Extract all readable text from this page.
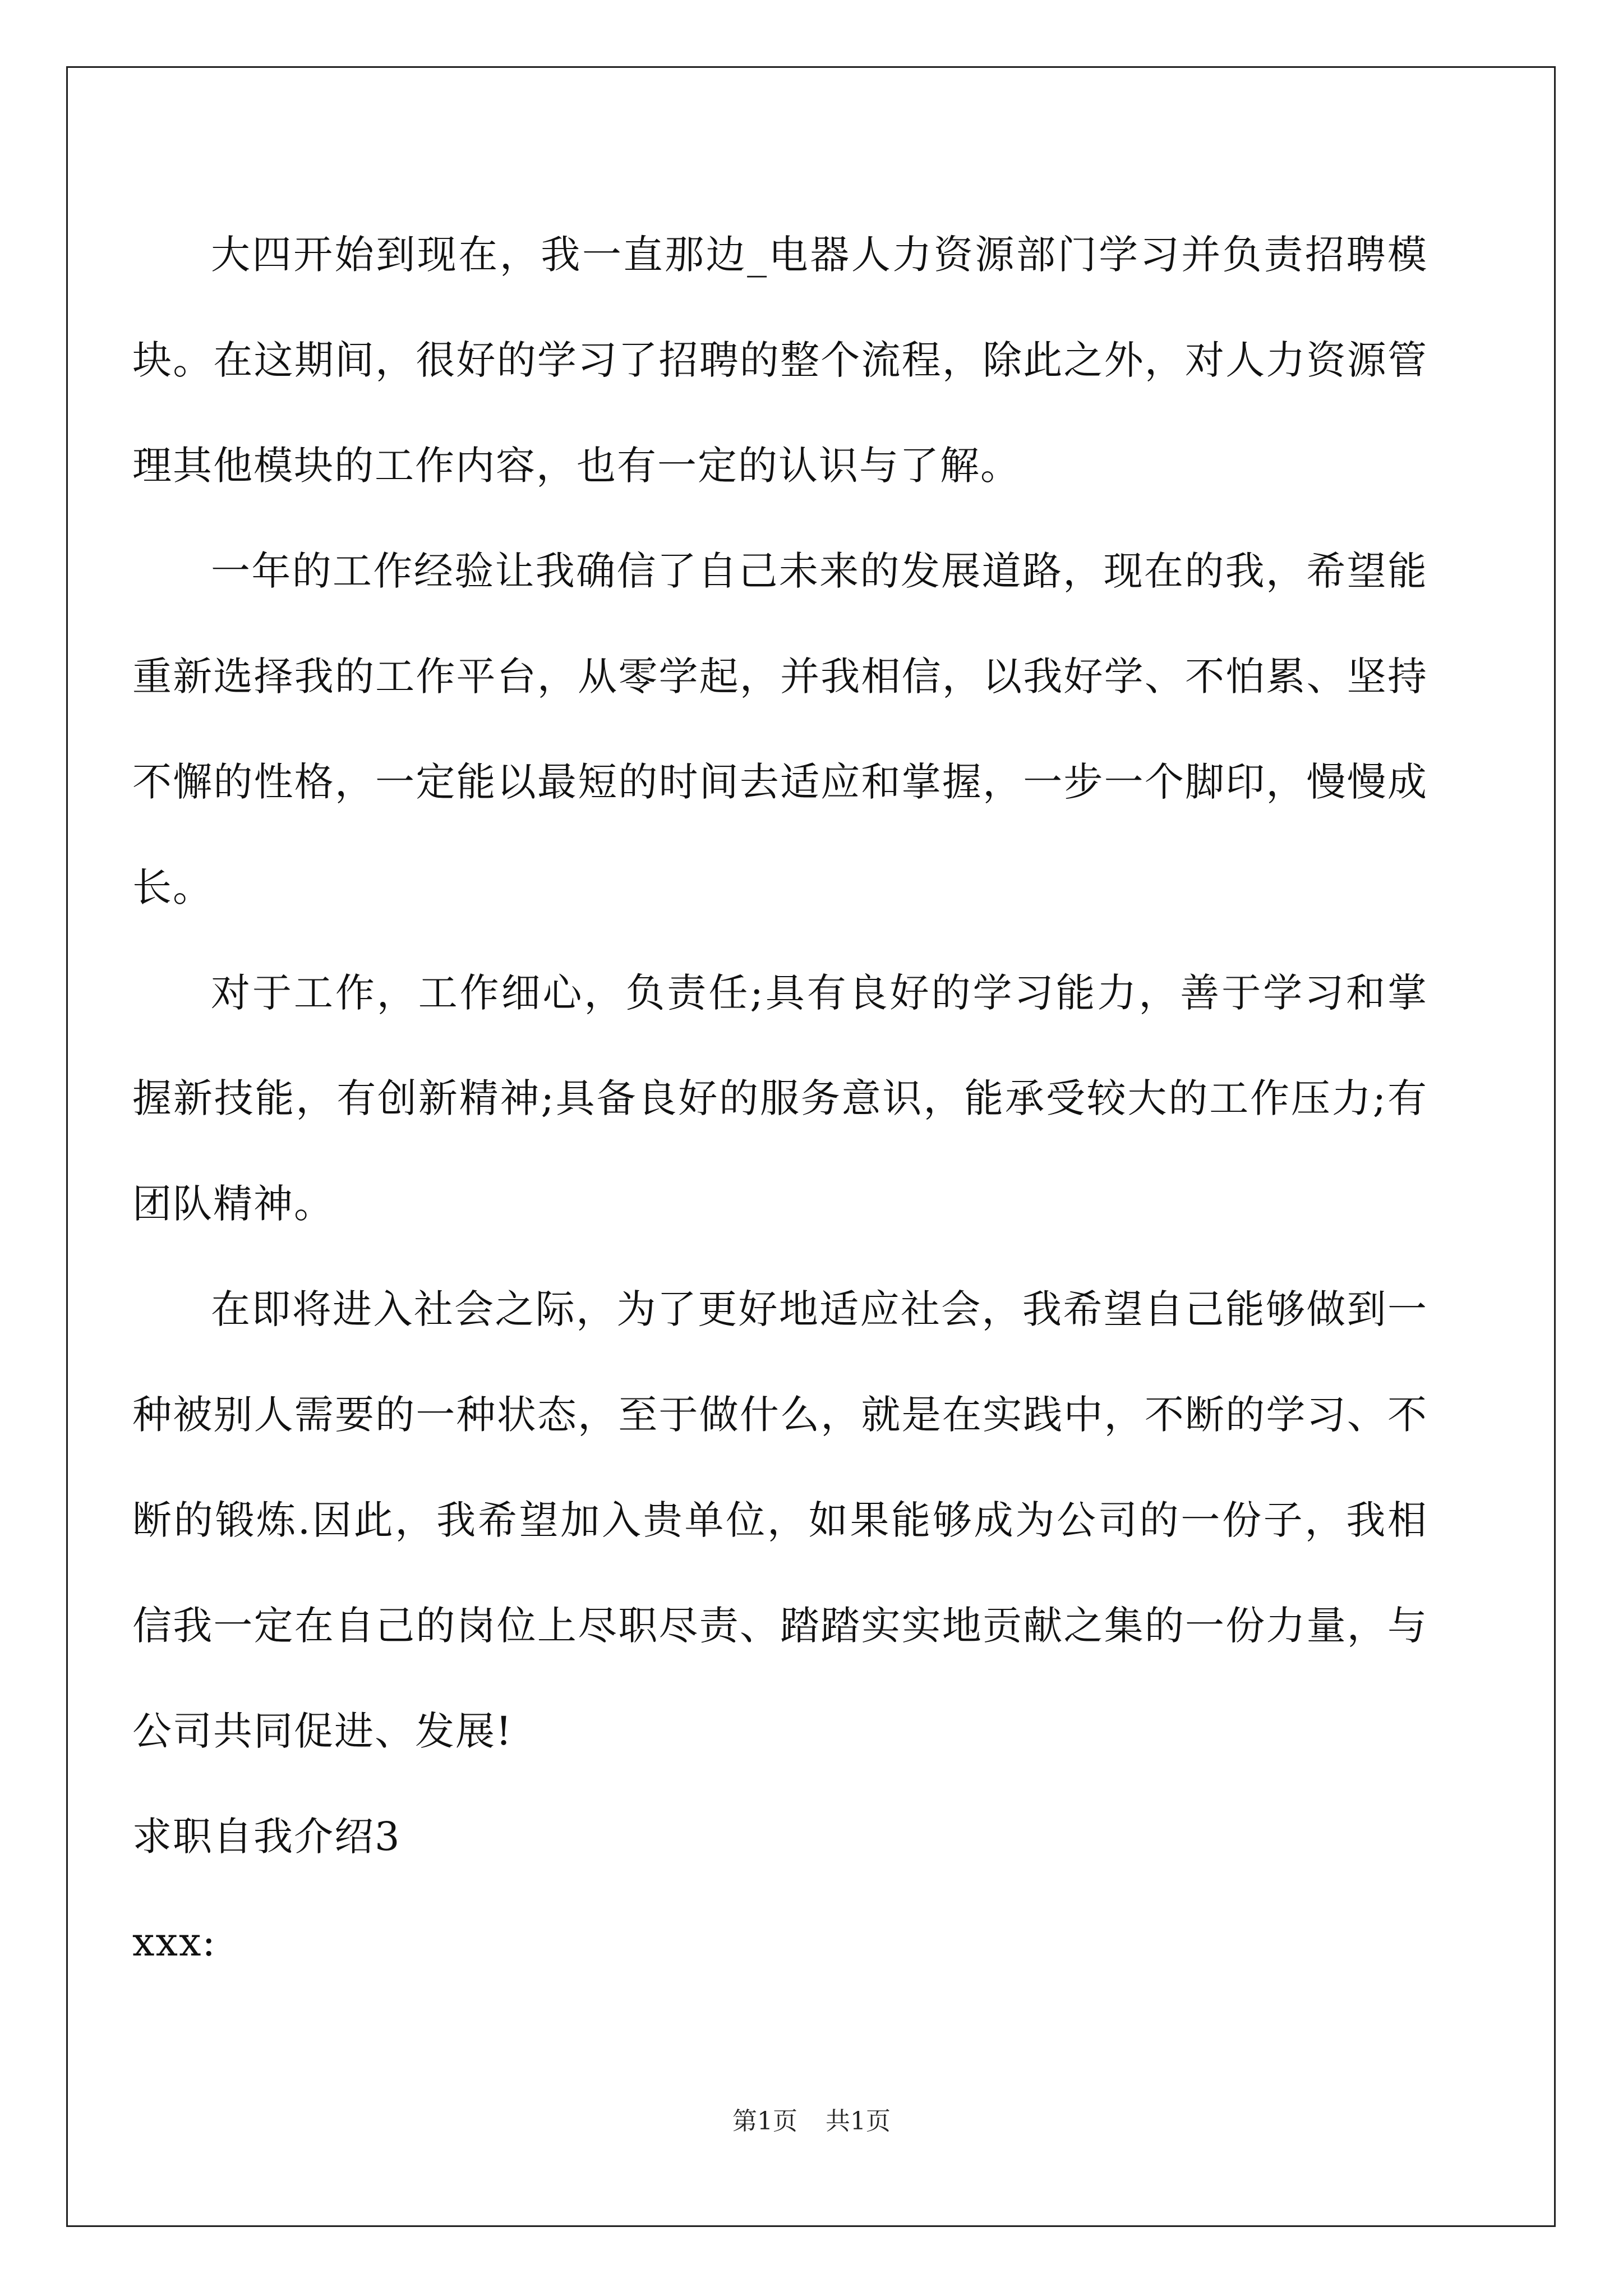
大四开始到现在，我一直那边_电器人力资源部门学习并负责招聘模块。在这期间，很好的学习了招聘的整个流程，除此之外，对人力资源管理其他模块的工作内容，也有一定的认识与了解。

一年的工作经验让我确信了自己未来的发展道路，现在的我，希望能重新选择我的工作平台，从零学起，并我相信，以我好学、不怕累、坚持不懈的性格，一定能以最短的时间去适应和掌握，一步一个脚印，慢慢成长。

对于工作，工作细心，负责任;具有良好的学习能力，善于学习和掌握新技能，有创新精神;具备良好的服务意识，能承受较大的工作压力;有团队精神。

在即将进入社会之际，为了更好地适应社会，我希望自己能够做到一种被别人需要的一种状态，至于做什么，就是在实践中，不断的学习、不断的锻炼.因此，我希望加入贵单位，如果能够成为公司的一份子，我相信我一定在自己的岗位上尽职尽责、踏踏实实地贡献之集的一份力量，与公司共同促进、发展!

求职自我介绍3

xxx:

第1页 共1页
